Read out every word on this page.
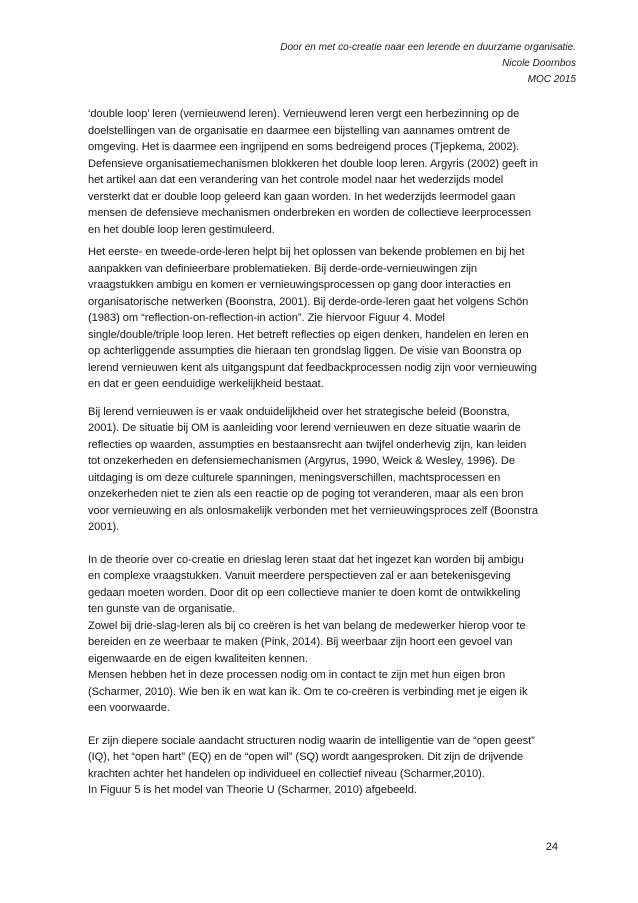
Door en met co-creatie naar een lerende en duurzame organisatie.
Nicole Doornbos
MOC 2015

‘double loop’ leren (vernieuwend leren). Vernieuwend leren vergt een herbezinning op de
doelstellingen van de organisatie en daarmee een bijstelling van aannames omtrent de
omgeving. Het is daarmee een ingrijpend en soms bedreigend proces (Tjepkema, 2002).
Defensieve organisatiemechanismen blokkeren het double loop leren. Argyris (2002) geeft in
het artikel aan dat een verandering van het controle model naar het wederzijds model
versterkt dat er double loop geleerd kan gaan worden. In het wederzijds leermodel gaan
mensen de defensieve mechanismen onderbreken en worden de collectieve leerprocessen
en het double loop leren gestimuleerd.

Het eerste- en tweede-orde-leren helpt bij het oplossen van bekende problemen en bij het
aanpakken van definieerbare problematieken. Bij derde-orde-vernieuwingen zijn
vraagstukken ambigu en komen er vernieuwingsprocessen op gang door interacties en
organisatorische netwerken (Boonstra, 2001). Bij derde-orde-leren gaat het volgens Schön
(1983) om “reflection-on-reflection-in action”. Zie hiervoor Figuur 4. Model
single/double/triple loop leren. Het betreft reflecties op eigen denken, handelen en leren en
op achterliggende assumpties die hieraan ten grondslag liggen. De visie van Boonstra op
lerend vernieuwen kent als uitgangspunt dat feedbackprocessen nodig zijn voor vernieuwing
en dat er geen eenduidige werkelijkheid bestaat.

Bij lerend vernieuwen is er vaak onduidelijkheid over het strategische beleid (Boonstra,
2001). De situatie bij OM is aanleiding voor lerend vernieuwen en deze situatie waarin de
reflecties op waarden, assumpties en bestaansrecht aan twijfel onderhevig zijn, kan leiden
tot onzekerheden en defensiemechanismen (Argyrus, 1990, Weick & Wesley, 1996). De
uitdaging is om deze culturele spanningen, meningsverschillen, machtsprocessen en
onzekerheden niet te zien als een reactie op de poging tot veranderen, maar als een bron
voor vernieuwing en als onlosmakelijk verbonden met het vernieuwingsproces zelf (Boonstra
2001).

In de theorie over co-creatie en drieslag leren staat dat het ingezet kan worden bij ambigu
en complexe vraagstukken. Vanuit meerdere perspectieven zal er aan betekenisgeving
gedaan moeten worden. Door dit op een collectieve manier te doen komt de ontwikkeling
ten gunste van de organisatie.
Zowel bij drie-slag-leren als bij co creëren is het van belang de medewerker hierop voor te
bereiden en ze weerbaar te maken (Pink, 2014). Bij weerbaar zijn hoort een gevoel van
eigenwaarde en de eigen kwaliteiten kennen.
Mensen hebben het in deze processen nodig om in contact te zijn met hun eigen bron
(Scharmer, 2010). Wie ben ik en wat kan ik. Om te co-creëren is verbinding met je eigen ik
een voorwaarde.

Er zijn diepere sociale aandacht structuren nodig waarin de intelligentie van de “open geest”
(IQ), het “open hart” (EQ) en de “open wil” (SQ) wordt aangesproken. Dit zijn de drijvende
krachten achter het handelen op individueel en collectief niveau (Scharmer,2010).
In Figuur 5 is het model van Theorie U (Scharmer, 2010) afgebeeld.

24
